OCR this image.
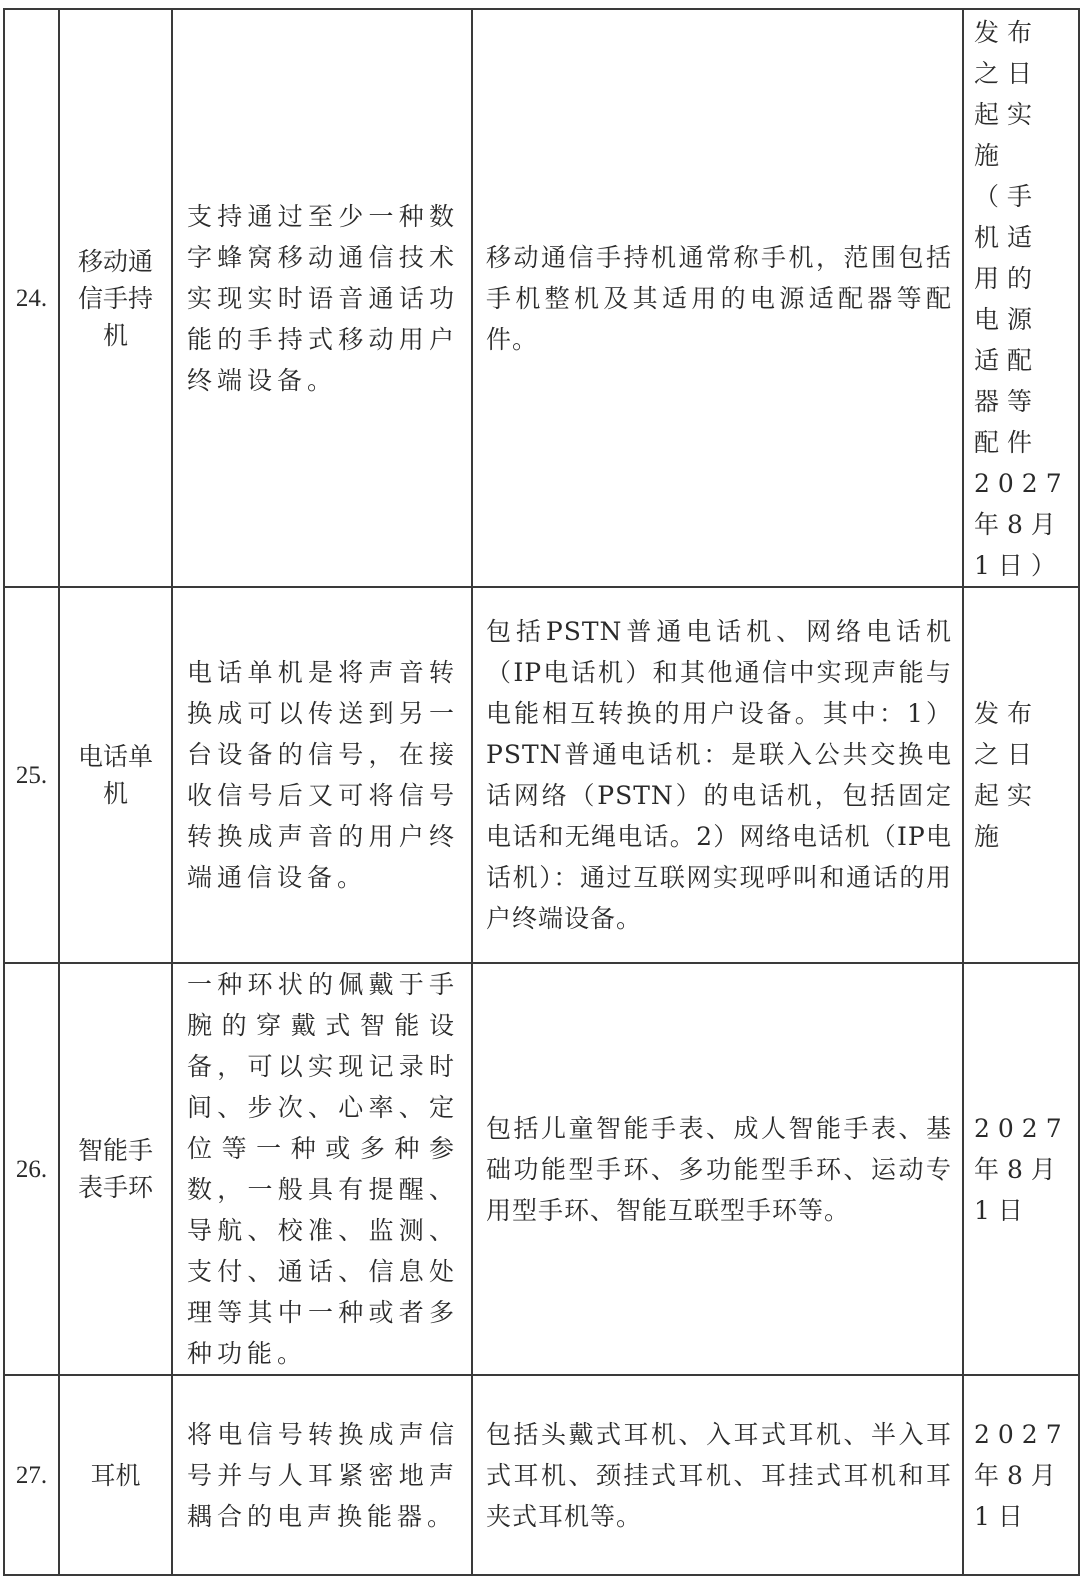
24.	移动通信手持机	支持通过至少一种数字蜂窝移动通信技术实现实时语音通话功能的手持式移动用户终端设备。	移动通信手持机通常称手机，范围包括手机整机及其适用的电源适配器等配件。	发布之日起实施（手机适用的电源适配器等配件2027年8月1日）
25.	电话单机	电话单机是将声音转换成可以传送到另一台设备的信号，在接收信号后又可将信号转换成声音的用户终端通信设备。	包括PSTN普通电话机、网络电话机（IP电话机）和其他通信中实现声能与电能相互转换的用户设备。其中：1）PSTN普通电话机：是联入公共交换电话网络（PSTN）的电话机，包括固定电话和无绳电话。2）网络电话机（IP电话机）：通过互联网实现呼叫和通话的用户终端设备。	发布之日起实施
26.	智能手表手环	一种环状的佩戴于手腕的穿戴式智能设备，可以实现记录时间、步次、心率、定位等一种或多种参数，一般具有提醒、导航、校准、监测、支付、通话、信息处理等其中一种或者多种功能。	包括儿童智能手表、成人智能手表、基础功能型手环、多功能型手环、运动专用型手环、智能互联型手环等。	2027年8月1日
27.	耳机	将电信号转换成声信号并与人耳紧密地声耦合的电声换能器。	包括头戴式耳机、入耳式耳机、半入耳式耳机、颈挂式耳机、耳挂式耳机和耳夹式耳机等。	2027年8月1日
